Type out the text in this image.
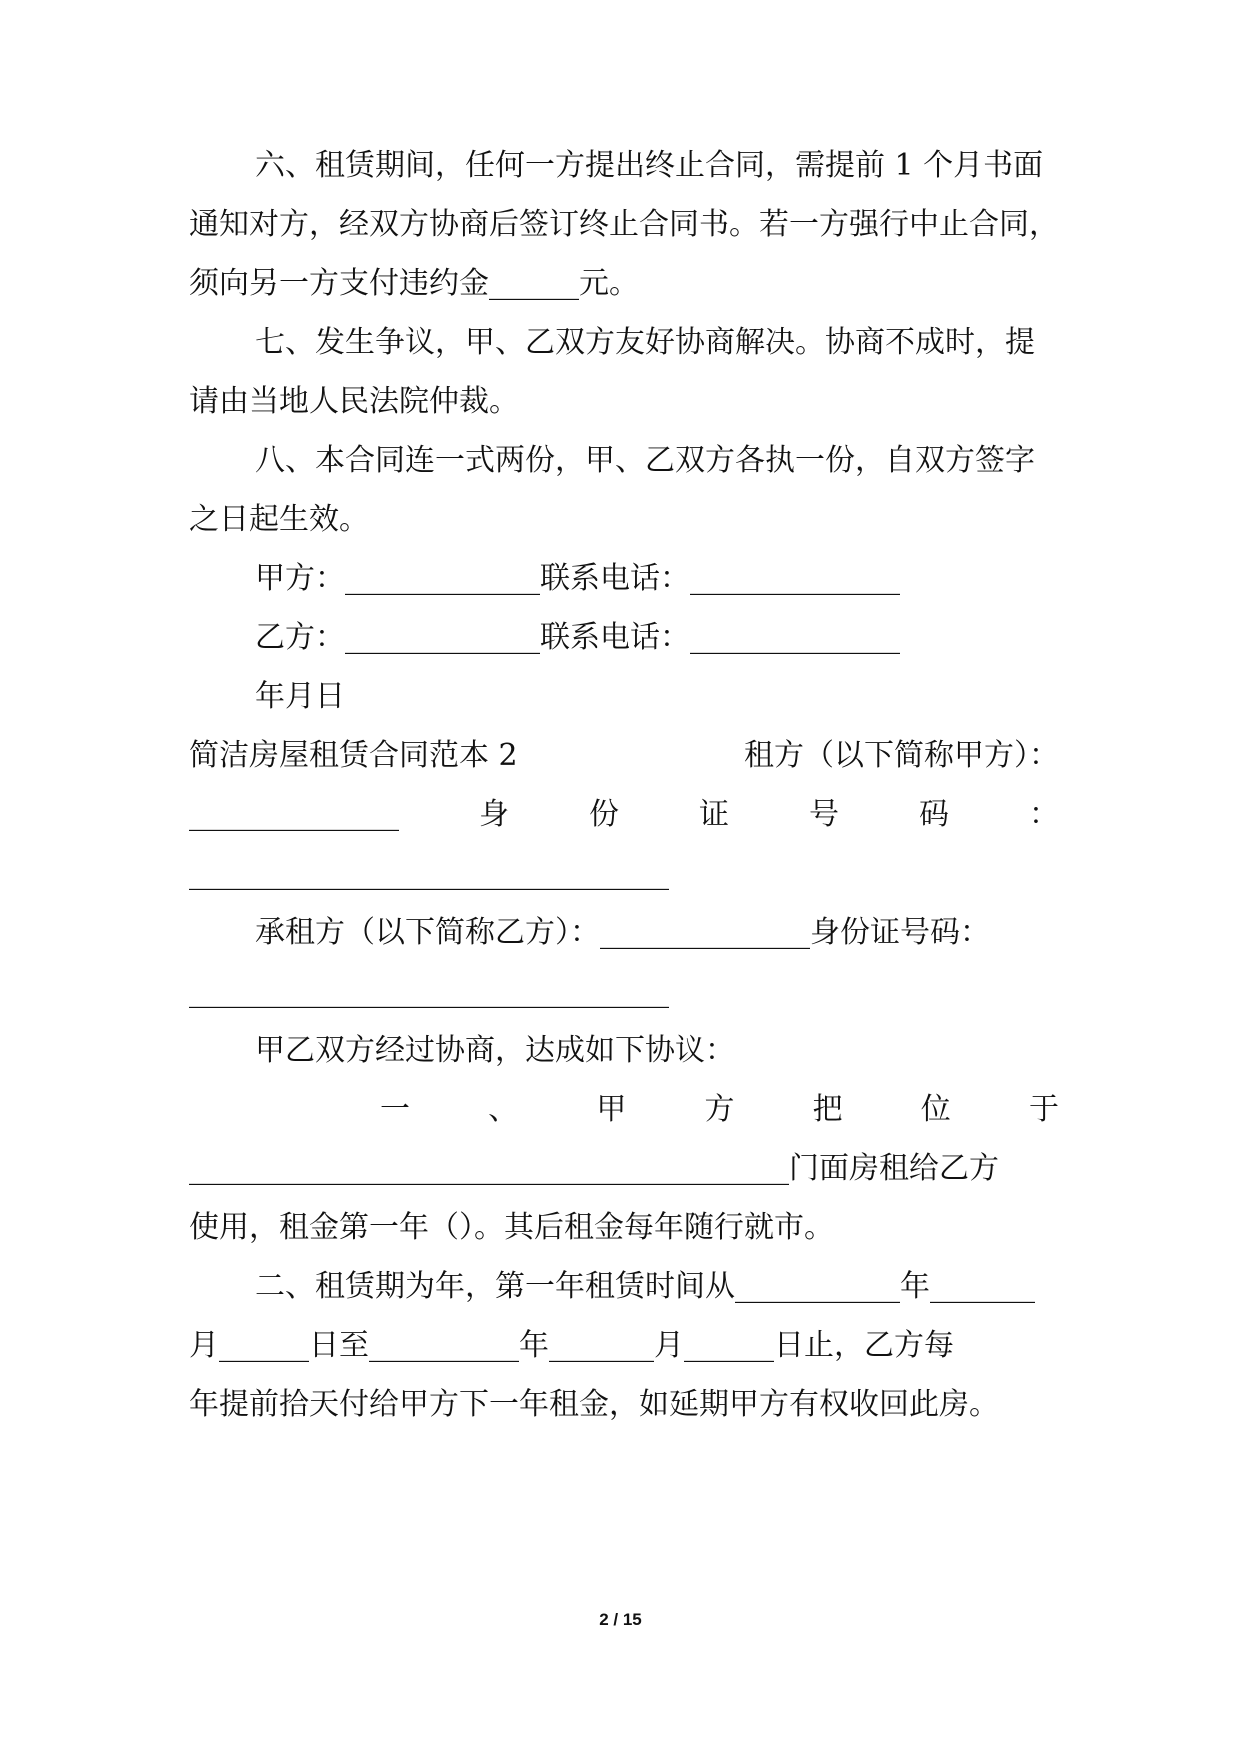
六、租赁期间，任何一方提出终止合同，需提前 1 个月书面
通知对方，经双方协商后签订终止合同书。若一方强行中止合同，
须向另一方支付违约金______元。
七、发生争议，甲、乙双方友好协商解决。协商不成时，提
请由当地人民法院仲裁。
八、本合同连一式两份，甲、乙双方各执一份，自双方签字
之日起生效。
甲方：_____________联系电话：______________
乙方：_____________联系电话：______________
年月日
简洁房屋租赁合同范本 2	租方（以下简称甲方）：
______________	身	份	证	号	码	：
________________________________
承租方（以下简称乙方）：______________身份证号码：
________________________________
甲乙双方经过协商，达成如下协议：
一	、	甲	方	把	位	于
________________________________________门面房租给乙方
使用，租金第一年（）。其后租金每年随行就市。
二、租赁期为年，第一年租赁时间从___________年_______
月______日至__________年_______月______日止，乙方每
年提前拾天付给甲方下一年租金，如延期甲方有权收回此房。
2 / 15
